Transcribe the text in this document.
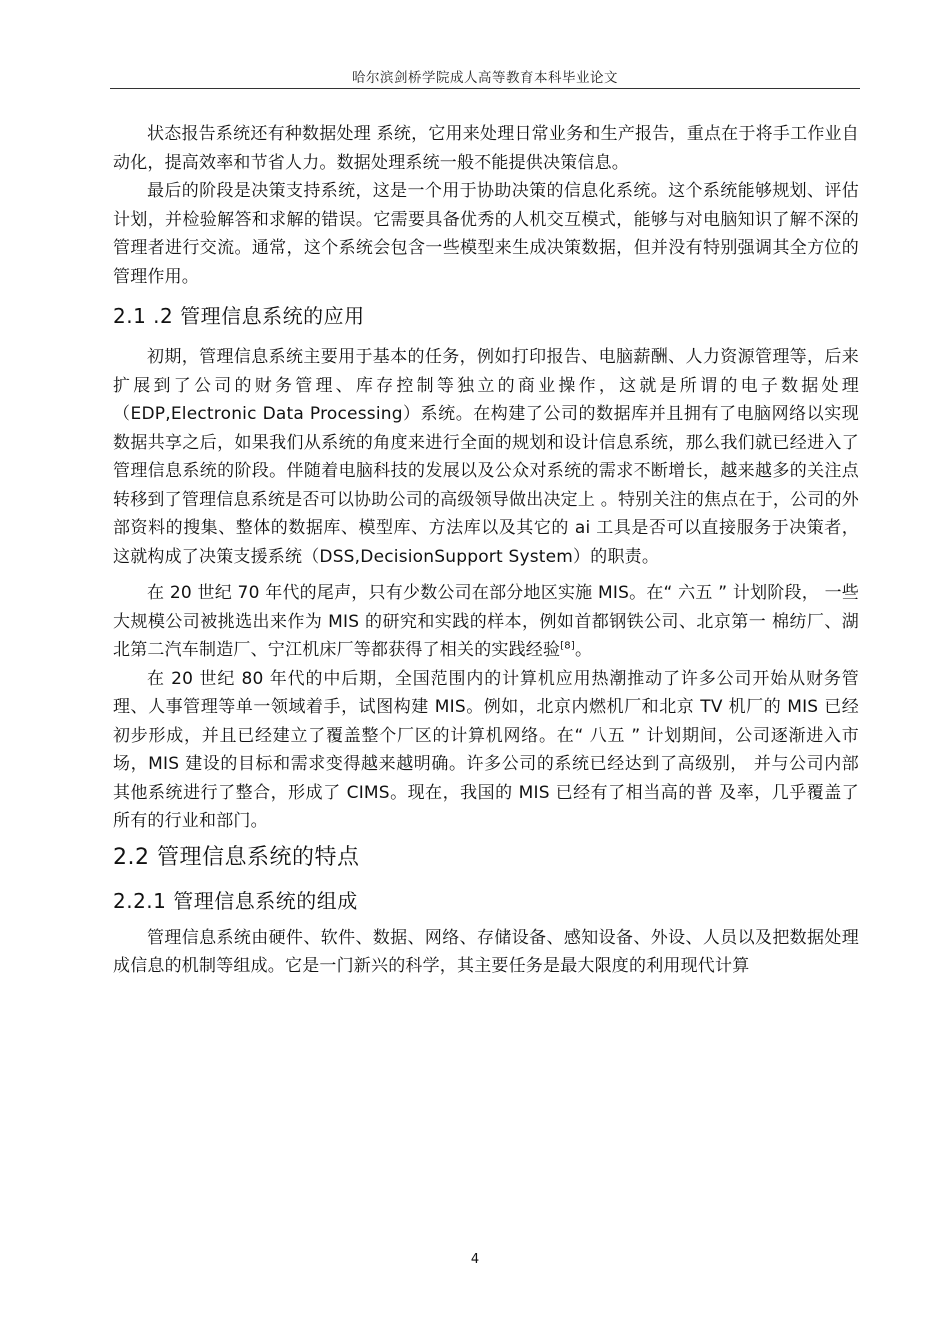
哈尔滨剑桥学院成人高等教育本科毕业论文

状态报告系统还有种数据处理 系统，它用来处理日常业务和生产报告，重点在于将手工作业自动化，提高效率和节省人力。数据处理系统一般不能提供决策信息。

最后的阶段是决策支持系统，这是一个用于协助决策的信息化系统。这个系统能够规划、评估计划，并检验解答和求解的错误。它需要具备优秀的人机交互模式，能够与对电脑知识了解不深的管理者进行交流。通常，这个系统会包含一些模型来生成决策数据，但并没有特别强调其全方位的管理作用。

2.1 .2 管理信息系统的应用

初期，管理信息系统主要用于基本的任务，例如打印报告、电脑薪酬、人力资源管理等，后来扩展到了公司的财务管理、库存控制等独立的商业操作，这就是所谓的电子数据处理（EDP,Electronic Data Processing）系统。在构建了公司的数据库并且拥有了电脑网络以实现数据共享之后，如果我们从系统的角度来进行全面的规划和设计信息系统，那么我们就已经进入了管理信息系统的阶段。伴随着电脑科技的发展以及公众对系统的需求不断增长，越来越多的关注点转移到了管理信息系统是否可以协助公司的高级领导做出决定上 。特别关注的焦点在于，公司的外部资料的搜集、整体的数据库、模型库、方法库以及其它的 ai 工具是否可以直接服务于决策者，这就构成了决策支援系统（DSS,DecisionSupport System）的职责。

在 20 世纪 70 年代的尾声，只有少数公司在部分地区实施 MIS。在“ 六五 ” 计划阶段， 一些大规模公司被挑选出来作为 MIS 的研究和实践的样本，例如首都钢铁公司、北京第一 棉纺厂、湖北第二汽车制造厂、宁江机床厂等都获得了相关的实践经验[8]。

在 20 世纪 80 年代的中后期，全国范围内的计算机应用热潮推动了许多公司开始从财务管理、人事管理等单一领域着手，试图构建 MIS。例如，北京内燃机厂和北京 TV 机厂的 MIS 已经初步形成，并且已经建立了覆盖整个厂区的计算机网络。在“ 八五 ” 计划期间，公司逐渐进入市场，MIS 建设的目标和需求变得越来越明确。许多公司的系统已经达到了高级别， 并与公司内部其他系统进行了整合，形成了 CIMS。现在，我国的 MIS 已经有了相当高的普 及率，几乎覆盖了所有的行业和部门。

2.2 管理信息系统的特点
2.2.1 管理信息系统的组成

管理信息系统由硬件、软件、数据、网络、存储设备、感知设备、外设、人员以及把数据处理成信息的机制等组成。它是一门新兴的科学，其主要任务是最大限度的利用现代计算

4
